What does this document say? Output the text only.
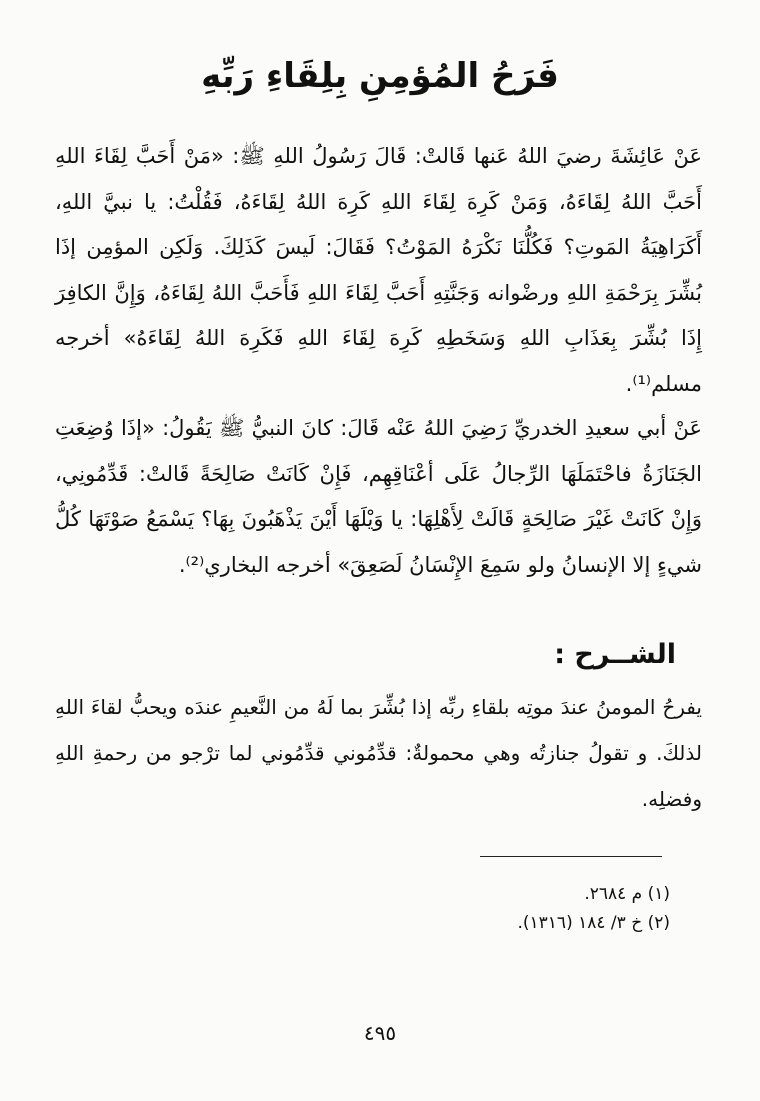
فَرَحُ المُؤمِنِ بِلِقَاءِ رَبِّهِ

عَنْ عَائِشَةَ رضيَ اللهُ عَنها قَالتْ: قَالَ رَسُولُ اللهِ ﷺ: «مَنْ أَحَبَّ لِقَاءَ اللهِ أَحَبَّ اللهُ لِقَاءَهُ، وَمَنْ كَرِهَ لِقَاءَ اللهِ كَرِهَ اللهُ لِقَاءَهُ، فَقُلْتُ: يا نبيَّ اللهِ، أَكَرَاهِيَةُ المَوتِ؟ فَكُلُّنَا نَكْرَهُ المَوْتُ؟ فَقَالَ: لَيسَ كَذَلِكَ. وَلَكِن المؤمِن إذَا بُشِّرَ بِرَحْمَةِ اللهِ ورضْوانه وَجَنَّتِهِ أَحَبَّ لِقَاءَ اللهِ فَأَحَبَّ اللهُ لِقَاءَهُ، وَإِنَّ الكافِرَ إِذَا بُشِّرَ بِعَذَابِ اللهِ وَسَخَطِهِ كَرِهَ لِقَاءَ اللهِ فَكَرِهَ اللهُ لِقَاءَهُ» أخرجه مسلم⁽¹⁾.

عَنْ أبي سعيدِ الخدريِّ رَضِيَ اللهُ عَنْه قَالَ: كانَ النبيُّ ﷺ يَقُولُ: «إذَا وُضِعَتِ الجَنَازَةُ فاحْتَمَلَهَا الرِّجالُ عَلَى أعْنَاقِهِم، فَإِنْ كَانَتْ صَالِحَةً قَالتْ: قَدِّمُونِي، وَإِنْ كَانَتْ غَيْرَ صَالِحَةٍ قَالَتْ لِأَهْلِهَا: يا وَيْلَهَا أَيْنَ يَذْهَبُونَ بِهَا؟ يَسْمَعُ صَوْتَهَا كُلُّ شيءٍ إلا الإنسانُ ولو سَمِعَ الإِنْسَانُ لَصَعِقَ» أخرجه البخاري⁽²⁾.

الشــرح :

يفرحُ المومنُ عندَ موتِه بلقاءِ ربِّه إذا بُشِّرَ بما لَهُ من النَّعيمِ عندَه ويحبُّ لقاءَ اللهِ لذلكَ. و تقولُ جنازتُه وهي محمولةٌ: قدِّمُوني قدِّمُوني لما ترْجو من رحمةِ اللهِ وفضلِه.

(١) م ٢٦٨٤.
(٢) خ ٣/ ١٨٤ (١٣١٦).
٤٩٥
